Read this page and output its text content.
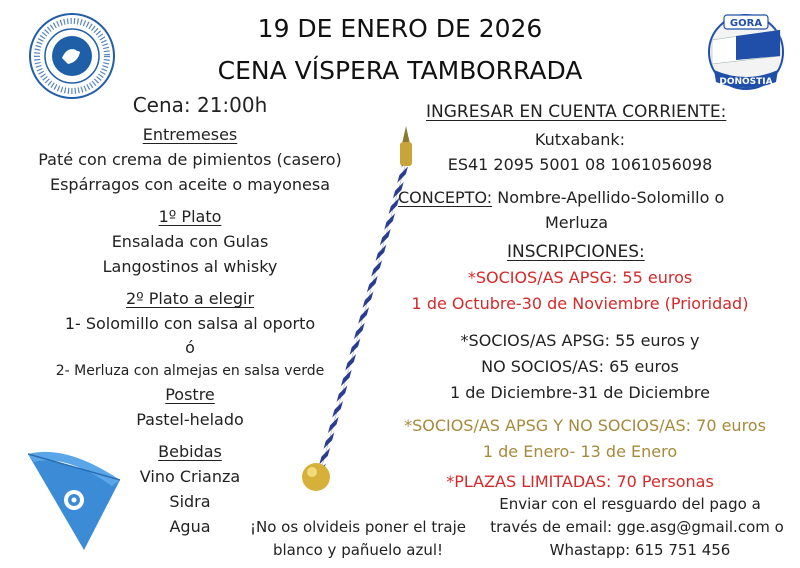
GORA
DONOSTIA
19 DE ENERO DE 2026
CENA VÍSPERA TAMBORRADA
Cena: 21:00h
Entremeses
Paté con crema de pimientos (casero)
Espárragos con aceite o mayonesa
1º Plato
Ensalada con Gulas
Langostinos al whisky
2º Plato a elegir
1- Solomillo con salsa al oporto
ó
2- Merluza con almejas en salsa verde
Postre
Pastel-helado
Bebidas
Vino Crianza
Sidra
Agua
INGRESAR EN CUENTA CORRIENTE:
Kutxabank:
ES41 2095 5001 08 1061056098
CONCEPTO: Nombre-Apellido-Solomillo o
Merluza
INSCRIPCIONES:
*SOCIOS/AS APSG: 55 euros
1 de Octubre-30 de Noviembre (Prioridad)
*SOCIOS/AS APSG: 55 euros y
NO SOCIOS/AS: 65 euros
1 de Diciembre-31 de Diciembre
*SOCIOS/AS APSG Y NO SOCIOS/AS: 70 euros
1 de Enero- 13 de Enero
*PLAZAS LIMITADAS: 70 Personas
Enviar con el resguardo del pago a
través de email: gge.asg@gmail.com o
Whastapp: 615 751 456
¡No os olvideis poner el traje
blanco y pañuelo azul!
